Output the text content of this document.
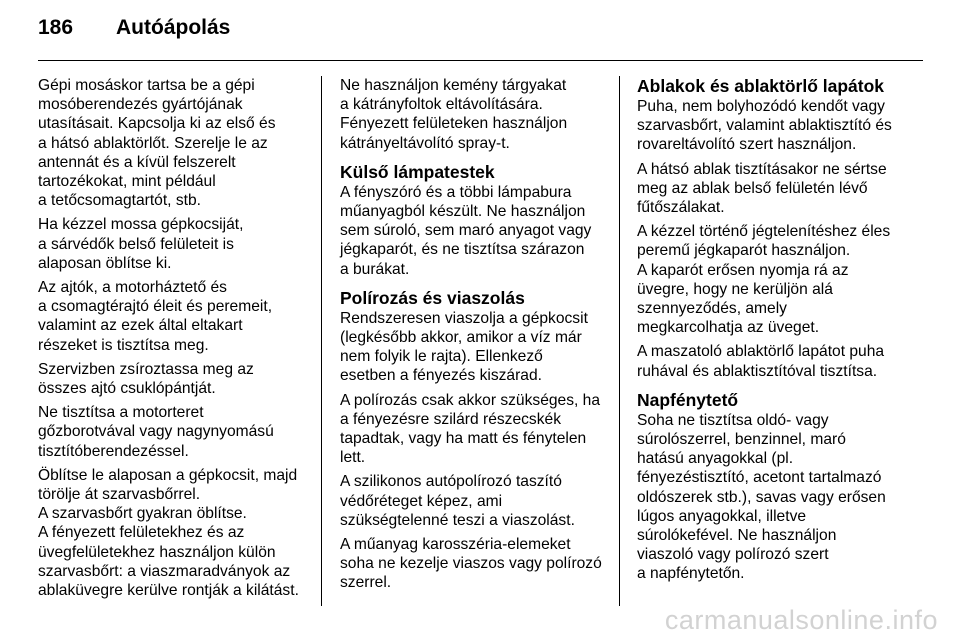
186 Autóápolás

Gépi mosáskor tartsa be a gépi
mosóberendezés gyártójának
utasításait. Kapcsolja ki az első és
a hátsó ablaktörlőt. Szerelje le az
antennát és a kívül felszerelt
tartozékokat, mint például
a tetőcsomagtartót, stb.

Ha kézzel mossa gépkocsiját,
a sárvédők belső felületeit is
alaposan öblítse ki.

Az ajtók, a motorháztető és
a csomagtérajtó éleit és peremeit,
valamint az ezek által eltakart
részeket is tisztítsa meg.

Szervizben zsíroztassa meg az
összes ajtó csuklópántját.

Ne tisztítsa a motorteret
gőzborotvával vagy nagynyomású
tisztítóberendezéssel.

Öblítse le alaposan a gépkocsit, majd
törölje át szarvasbőrrel.
A szarvasbőrt gyakran öblítse.
A fényezett felületekhez és az
üvegfelületekhez használjon külön
szarvasbőrt: a viaszmaradványok az
ablaküvegre kerülve rontják a kilátást.

Ne használjon kemény tárgyakat
a kátrányfoltok eltávolítására.
Fényezett felületeken használjon
kátrányeltávolító spray-t.

Külső lámpatestek

A fényszóró és a többi lámpabura
műanyagból készült. Ne használjon
sem súroló, sem maró anyagot vagy
jégkaparót, és ne tisztítsa szárazon
a burákat.

Polírozás és viaszolás

Rendszeresen viaszolja a gépkocsit
(legkésőbb akkor, amikor a víz már
nem folyik le rajta). Ellenkező
esetben a fényezés kiszárad.

A polírozás csak akkor szükséges, ha
a fényezésre szilárd részecskék
tapadtak, vagy ha matt és fénytelen
lett.

A szilikonos autópolírozó taszító
védőréteget képez, ami
szükségtelenné teszi a viaszolást.

A műanyag karosszéria-elemeket
soha ne kezelje viaszos vagy polírozó
szerrel.

Ablakok és ablaktörlő lapátok

Puha, nem bolyhozódó kendőt vagy
szarvasbőrt, valamint ablaktisztító és
rovareltávolító szert használjon.

A hátsó ablak tisztításakor ne sértse
meg az ablak belső felületén lévő
fűtőszálakat.

A kézzel történő jégtelenítéshez éles
peremű jégkaparót használjon.
A kaparót erősen nyomja rá az
üvegre, hogy ne kerüljön alá
szennyeződés, amely
megkarcolhatja az üveget.

A maszatoló ablaktörlő lapátot puha
ruhával és ablaktisztítóval tisztítsa.

Napfénytető

Soha ne tisztítsa oldó- vagy
súrolószerrel, benzinnel, maró
hatású anyagokkal (pl.
fényezéstisztító, acetont tartalmazó
oldószerek stb.), savas vagy erősen
lúgos anyagokkal, illetve
súrolókefével. Ne használjon
viaszoló vagy polírozó szert
a napfénytetőn.

carmanualsonline.info
